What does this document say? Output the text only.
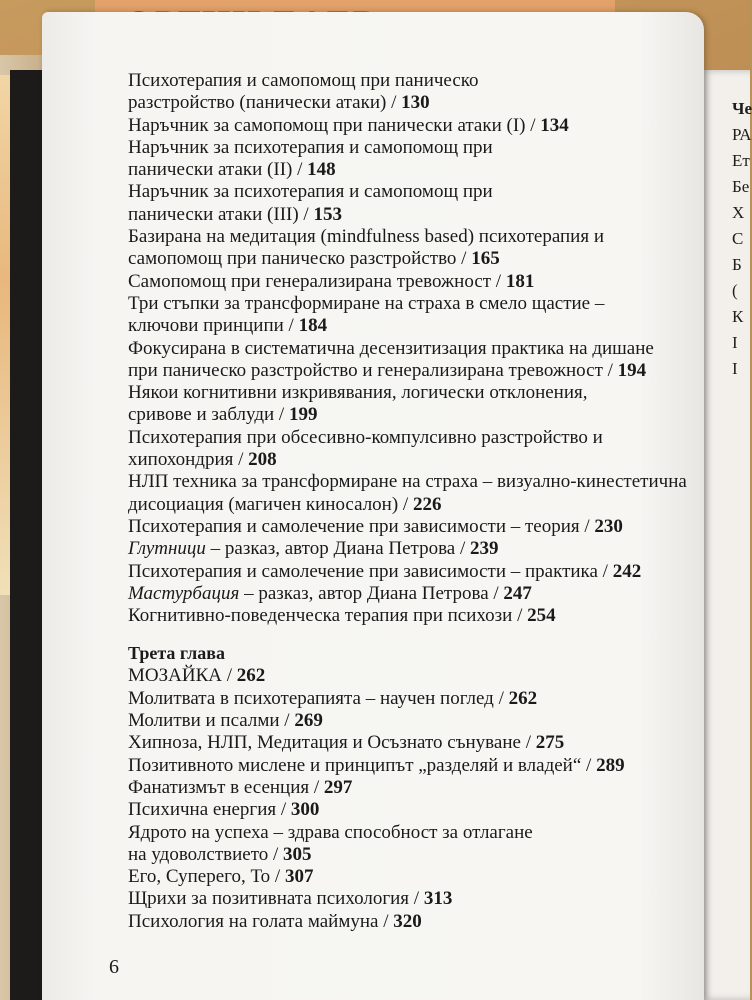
Че
РА
Ет
Бе
Х
С
Б
(
К
I
І
Психотерапия и самопомощ при паническо
разстройство (панически атаки) / 130
Наръчник за самопомощ при панически атаки (I) / 134
Наръчник за психотерапия и самопомощ при
панически атаки (II) / 148
Наръчник за психотерапия и самопомощ при
панически атаки (III) / 153
Базирана на медитация (mindfulness based) психотерапия и
самопомощ при паническо разстройство / 165
Самопомощ при генерализирана тревожност / 181
Три стъпки за трансформиране на страха в смело щастие –
ключови принципи / 184
Фокусирана в систематична десензитизация практика на дишане
при паническо разстройство и генерализирана тревожност / 194
Някои когнитивни изкривявания, логически отклонения,
сривове и заблуди / 199
Психотерапия при обсесивно-компулсивно разстройство и
хипохондрия / 208
НЛП техника за трансформиране на страха – визуално-кинестетична
дисоциация (магичен киносалон) / 226
Психотерапия и самолечение при зависимости – теория / 230
Глутници – разказ, автор Диана Петрова / 239
Психотерапия и самолечение при зависимости – практика / 242
Мастурбация – разказ, автор Диана Петрова / 247
Когнитивно-поведенческа терапия при психози / 254
Трета глава
МОЗАЙКА / 262
Молитвата в психотерапията – научен поглед / 262
Молитви и псалми / 269
Хипноза, НЛП, Медитация и Осъзнато сънуване / 275
Позитивното мислене и принципът „разделяй и владей“ / 289
Фанатизмът в есенция / 297
Психична енергия / 300
Ядрото на успеха – здрава способност за отлагане
на удоволствието / 305
Его, Суперего, То / 307
Щрихи за позитивната психология / 313
Психология на голата маймуна / 320
6
